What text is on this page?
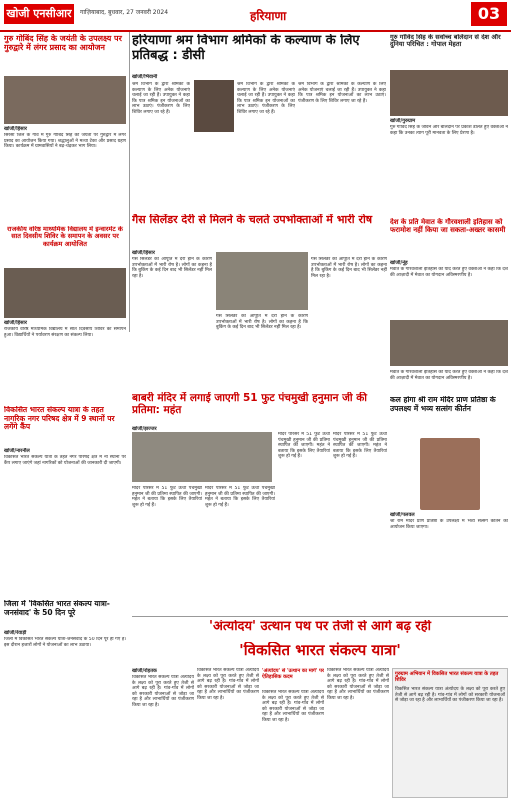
खोजी एनसीआर	गाज़ियाबाद, बुधवार, 27 जनवरी 2024	हरियाणा	03
गुरु गोबिंद सिंह के जयंती के उपलक्ष्य पर गुरुद्वारे में लंगर प्रसाद का आयोजन
खोजी/हिसार
सिरसा जिले के गांव में गुरु गोबिंद सिंह की जयंती पर गुरुद्वारे में लंगर प्रसाद का आयोजन किया गया। श्रद्धालुओं ने मत्था टेका और प्रसाद ग्रहण किया। कार्यक्रम में ग्रामवासियों ने बढ़-चढ़कर भाग लिया।
हरियाणा श्रम विभाग श्रमिकों के कल्याण के लिए प्रतिबद्ध : डीसी
खोजी/भिवानी
श्रम विभाग के द्वारा श्रमिकों के कल्याण के लिए अनेक योजनाएं चलाई जा रही हैं। उपायुक्त ने कहा कि पात्र श्रमिक इन योजनाओं का लाभ उठाएं। पंजीकरण के लिए शिविर लगाए जा रहे हैं।
श्रम विभाग के द्वारा श्रमिकों के कल्याण के लिए अनेक योजनाएं चलाई जा रही हैं। उपायुक्त ने कहा कि पात्र श्रमिक इन योजनाओं का लाभ उठाएं। पंजीकरण के लिए शिविर लगाए जा रहे हैं।
श्रम विभाग के द्वारा श्रमिकों के कल्याण के लिए अनेक योजनाएं चलाई जा रही हैं। उपायुक्त ने कहा कि पात्र श्रमिक इन योजनाओं का लाभ उठाएं। पंजीकरण के लिए शिविर लगाए जा रहे हैं।
गुरु गोविंद सिंह के सर्वोच्च बलिदान से देश और दुनिया परिचित : गोपाल मेहता
खोजी/गुरुग्राम
गुरु गोविंद सिंह के जीवन और बलिदान पर प्रकाश डालते हुए वक्ताओं ने कहा कि उनका त्याग पूरी मानवता के लिए प्रेरणा है।
गैस सिलेंडर देरी से मिलने के चलते उपभोक्ताओं में भारी रोष
खोजी/हिसार
गैस सिलेंडर की आपूर्ति में देरी होने के कारण उपभोक्ताओं में भारी रोष है। लोगों का कहना है कि बुकिंग के कई दिन बाद भी सिलेंडर नहीं मिल रहा है।
गैस सिलेंडर की आपूर्ति में देरी होने के कारण उपभोक्ताओं में भारी रोष है। लोगों का कहना है कि बुकिंग के कई दिन बाद भी सिलेंडर नहीं मिल रहा है।
गैस सिलेंडर की आपूर्ति में देरी होने के कारण उपभोक्ताओं में भारी रोष है। लोगों का कहना है कि बुकिंग के कई दिन बाद भी सिलेंडर नहीं मिल रहा है।
देश के प्रति मेवात के गौरवशाली इतिहास को फरामोश नहीं किया जा सकता-अख्तर कासमी
खोजी/नूंह
मेवात के गौरवशाली इतिहास को याद करते हुए वक्ताओं ने कहा कि देश की आज़ादी में मेवात का योगदान अविस्मरणीय है।
मेवात के गौरवशाली इतिहास को याद करते हुए वक्ताओं ने कहा कि देश की आज़ादी में मेवात का योगदान अविस्मरणीय है।
राजकीय वरिष्ठ माध्यमिक विद्यालय में इन्वारमेंट के सात दिवसीय शिविर के समापन के अवसर पर कार्यक्रम आयोजित
खोजी/हिसार
राजकीय वरिष्ठ माध्यमिक विद्यालय में सात दिवसीय शिविर का समापन हुआ। विद्यार्थियों ने पर्यावरण संरक्षण का संकल्प लिया।
बाबरी मंदिर में लगाई जाएगी 51 फुट पंचमुखी हनुमान जी की प्रतिमा: महंत
खोजी/झज्जर
मंदिर परिसर में 51 फुट ऊंची पंचमुखी हनुमान जी की प्रतिमा स्थापित की जाएगी। महंत ने बताया कि इसके लिए तैयारियां शुरू हो गई हैं।
मंदिर परिसर में 51 फुट ऊंची पंचमुखी हनुमान जी की प्रतिमा स्थापित की जाएगी। महंत ने बताया कि इसके लिए तैयारियां शुरू हो गई हैं।
मंदिर परिसर में 51 फुट ऊंची पंचमुखी हनुमान जी की प्रतिमा स्थापित की जाएगी। महंत ने बताया कि इसके लिए तैयारियां शुरू हो गई हैं।
मंदिर परिसर में 51 फुट ऊंची पंचमुखी हनुमान जी की प्रतिमा स्थापित की जाएगी। महंत ने बताया कि इसके लिए तैयारियां शुरू हो गई हैं।
कल होगा श्री राम मंदिर प्राण प्रतिष्ठा के उपलक्ष्य में भव्य सत्संग कीर्तन
खोजी/पलवल
श्री राम मंदिर प्राण प्रतिष्ठा के उपलक्ष्य में भव्य सत्संग कीर्तन का आयोजन किया जाएगा।
विकसित भारत संकल्प यात्रा के तहत नागरिक नगर परिषद क्षेत्र में 9 स्थानों पर लगेंगे कैंप
खोजी/नारनौल
विकसित भारत संकल्प यात्रा के तहत नगर परिषद क्षेत्र में नौ स्थानों पर कैंप लगाए जाएंगे जहां नागरिकों को योजनाओं की जानकारी दी जाएगी।
जिला में 'विकसित भारत संकल्प यात्रा-जनसंवाद' के 50 दिन पूरे
खोजी/रेवाड़ी
जिला में विकसित भारत संकल्प यात्रा-जनसंवाद के 50 दिन पूरे हो गए हैं। इस दौरान हजारों लोगों ने योजनाओं का लाभ उठाया।
'अंत्योदय' उत्थान पथ पर तेजी से आगे बढ़ रही
'विकसित भारत संकल्प यात्रा'
खोजी/रोहतक
विकसित भारत संकल्प यात्रा अंत्योदय के लक्ष्य को पूरा करते हुए तेजी से आगे बढ़ रही है। गांव-गांव में लोगों को सरकारी योजनाओं से जोड़ा जा रहा है और लाभार्थियों का पंजीकरण किया जा रहा है।
विकसित भारत संकल्प यात्रा अंत्योदय के लक्ष्य को पूरा करते हुए तेजी से आगे बढ़ रही है। गांव-गांव में लोगों को सरकारी योजनाओं से जोड़ा जा रहा है और लाभार्थियों का पंजीकरण किया जा रहा है।
'अंत्योदय' से 'उत्थान का मार्ग' पर ऐतिहासिक कदम
विकसित भारत संकल्प यात्रा अंत्योदय के लक्ष्य को पूरा करते हुए तेजी से आगे बढ़ रही है। गांव-गांव में लोगों को सरकारी योजनाओं से जोड़ा जा रहा है और लाभार्थियों का पंजीकरण किया जा रहा है।
विकसित भारत संकल्प यात्रा अंत्योदय के लक्ष्य को पूरा करते हुए तेजी से आगे बढ़ रही है। गांव-गांव में लोगों को सरकारी योजनाओं से जोड़ा जा रहा है और लाभार्थियों का पंजीकरण किया जा रहा है।
गुरुग्राम अभियान में विकसित भारत संकल्प यात्रा के तहत शिविर
विकसित भारत संकल्प यात्रा अंत्योदय के लक्ष्य को पूरा करते हुए तेजी से आगे बढ़ रही है। गांव-गांव में लोगों को सरकारी योजनाओं से जोड़ा जा रहा है और लाभार्थियों का पंजीकरण किया जा रहा है।
